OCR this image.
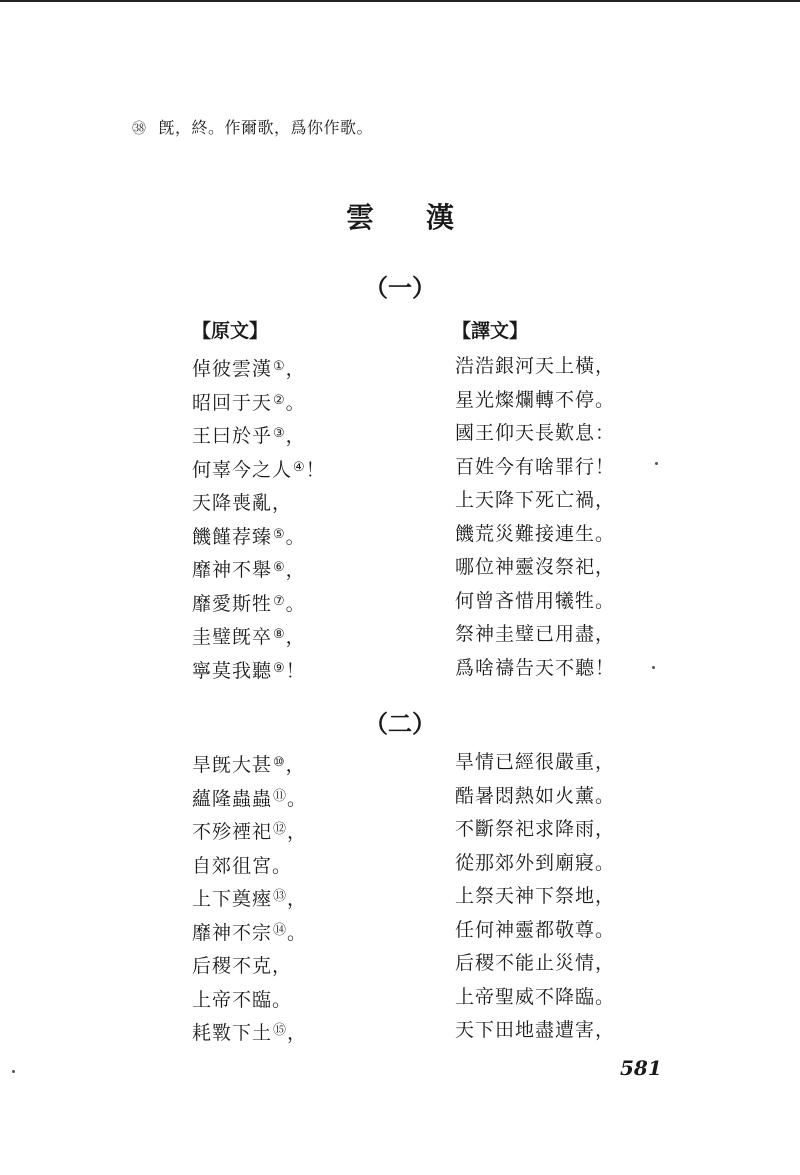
㊳ 旣，終。作爾歌，爲你作歌。
雲漢
（一）
【原文】	【譯文】
倬彼雲漢①，
昭回于天②。
王曰於乎③，
何辜今之人④！
天降喪亂，
饑饉荐臻⑤。
靡神不舉⑥，
靡愛斯牲⑦。
圭璧旣卒⑧，
寧莫我聽⑨！
浩浩銀河天上橫，
星光燦爛轉不停。
國王仰天長歎息：
百姓今有啥罪行！
上天降下死亡禍，
饑荒災難接連生。
哪位神靈沒祭祀，
何曾吝惜用犧牲。
祭神圭璧已用盡，
爲啥禱告天不聽！
（二）
旱旣大甚⑩，
蘊隆蟲蟲⑪。
不殄禋祀⑫，
自郊徂宮。
上下奠瘞⑬，
靡神不宗⑭。
后稷不克，
上帝不臨。
耗斁下土⑮，
旱情已經很嚴重，
酷暑悶熱如火薰。
不斷祭祀求降雨，
從那郊外到廟寢。
上祭天神下祭地，
任何神靈都敬尊。
后稷不能止災情，
上帝聖威不降臨。
天下田地盡遭害，
581
